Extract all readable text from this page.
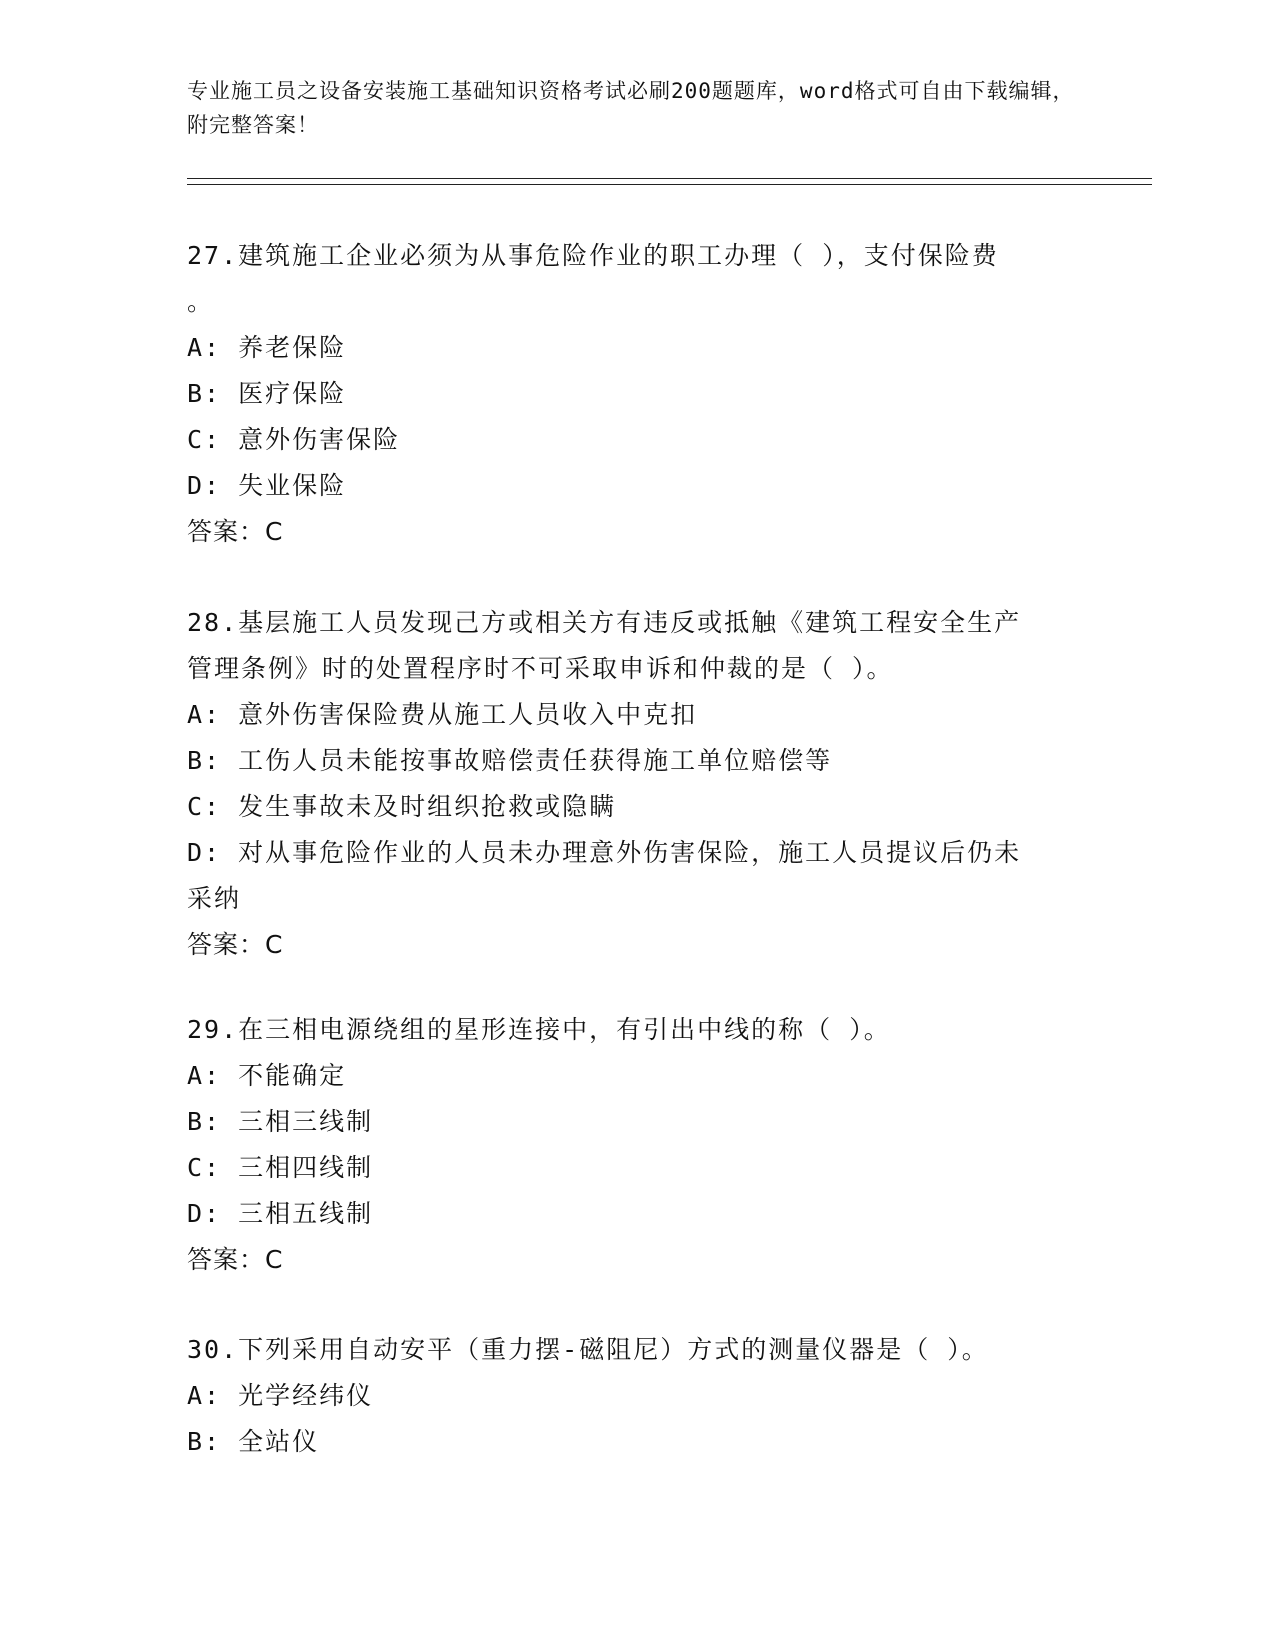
专业施工员之设备安装施工基础知识资格考试必刷200题题库，word格式可自由下载编辑，附完整答案！
27.建筑施工企业必须为从事危险作业的职工办理（ ），支付保险费
。
A: 养老保险
B: 医疗保险
C: 意外伤害保险
D: 失业保险
答案：C
28.基层施工人员发现己方或相关方有违反或抵触《建筑工程安全生产
管理条例》时的处置程序时不可采取申诉和仲裁的是（ ）。
A: 意外伤害保险费从施工人员收入中克扣
B: 工伤人员未能按事故赔偿责任获得施工单位赔偿等
C: 发生事故未及时组织抢救或隐瞒
D: 对从事危险作业的人员未办理意外伤害保险，施工人员提议后仍未
采纳
答案：C
29.在三相电源绕组的星形连接中，有引出中线的称（ ）。
A: 不能确定
B: 三相三线制
C: 三相四线制
D: 三相五线制
答案：C
30.下列采用自动安平（重力摆-磁阻尼）方式的测量仪器是（ ）。
A: 光学经纬仪
B: 全站仪
